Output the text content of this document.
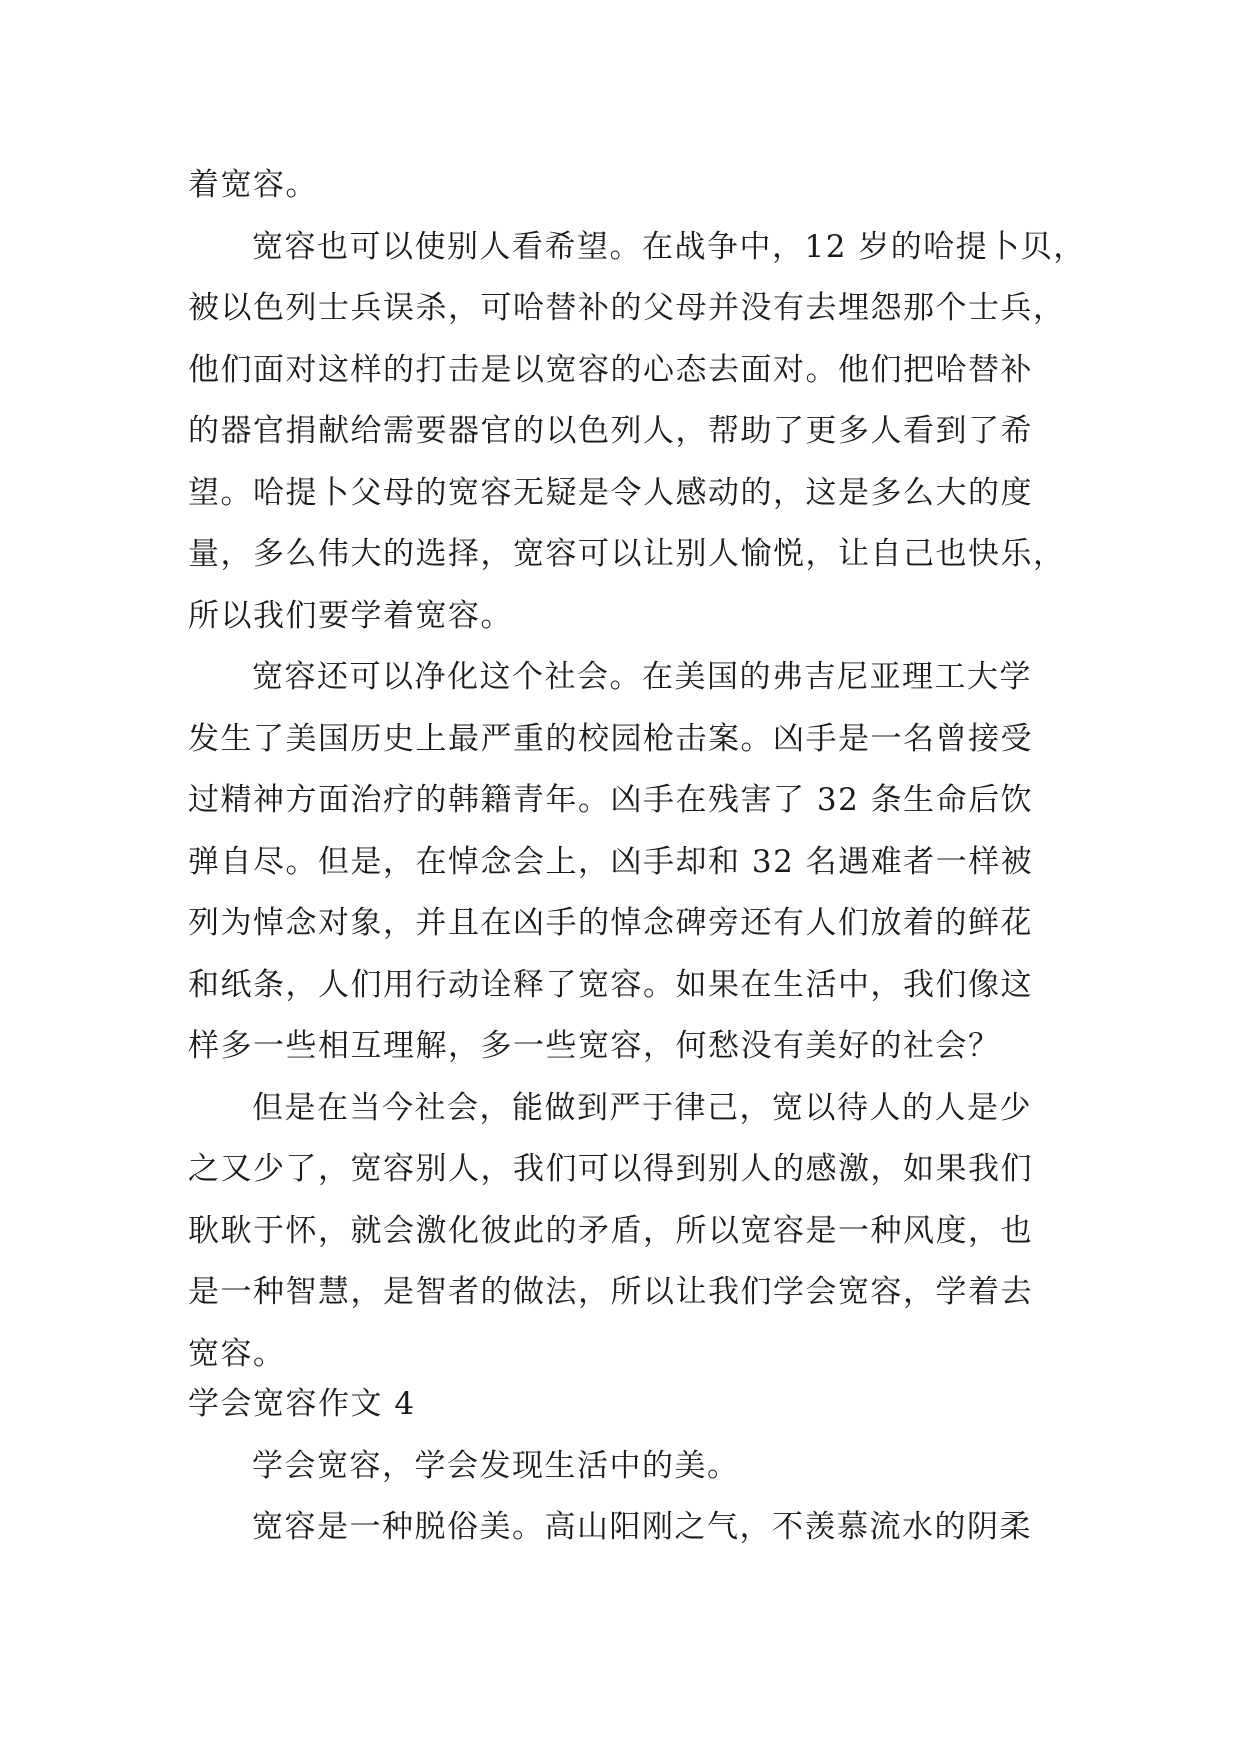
着宽容。
宽容也可以使别人看希望。在战争中，12 岁的哈提卜贝，
被以色列士兵误杀，可哈替补的父母并没有去埋怨那个士兵，
他们面对这样的打击是以宽容的心态去面对。他们把哈替补
的器官捐献给需要器官的以色列人，帮助了更多人看到了希
望。哈提卜父母的宽容无疑是令人感动的，这是多么大的度
量，多么伟大的选择，宽容可以让别人愉悦，让自己也快乐，
所以我们要学着宽容。
宽容还可以净化这个社会。在美国的弗吉尼亚理工大学
发生了美国历史上最严重的校园枪击案。凶手是一名曾接受
过精神方面治疗的韩籍青年。凶手在残害了 32 条生命后饮
弹自尽。但是，在悼念会上，凶手却和 32 名遇难者一样被
列为悼念对象，并且在凶手的悼念碑旁还有人们放着的鲜花
和纸条，人们用行动诠释了宽容。如果在生活中，我们像这
样多一些相互理解，多一些宽容，何愁没有美好的社会？
但是在当今社会，能做到严于律己，宽以待人的人是少
之又少了，宽容别人，我们可以得到别人的感激，如果我们
耿耿于怀，就会激化彼此的矛盾，所以宽容是一种风度，也
是一种智慧，是智者的做法，所以让我们学会宽容，学着去
宽容。
学会宽容作文 4
学会宽容，学会发现生活中的美。
宽容是一种脱俗美。高山阳刚之气，不羡慕流水的阴柔
